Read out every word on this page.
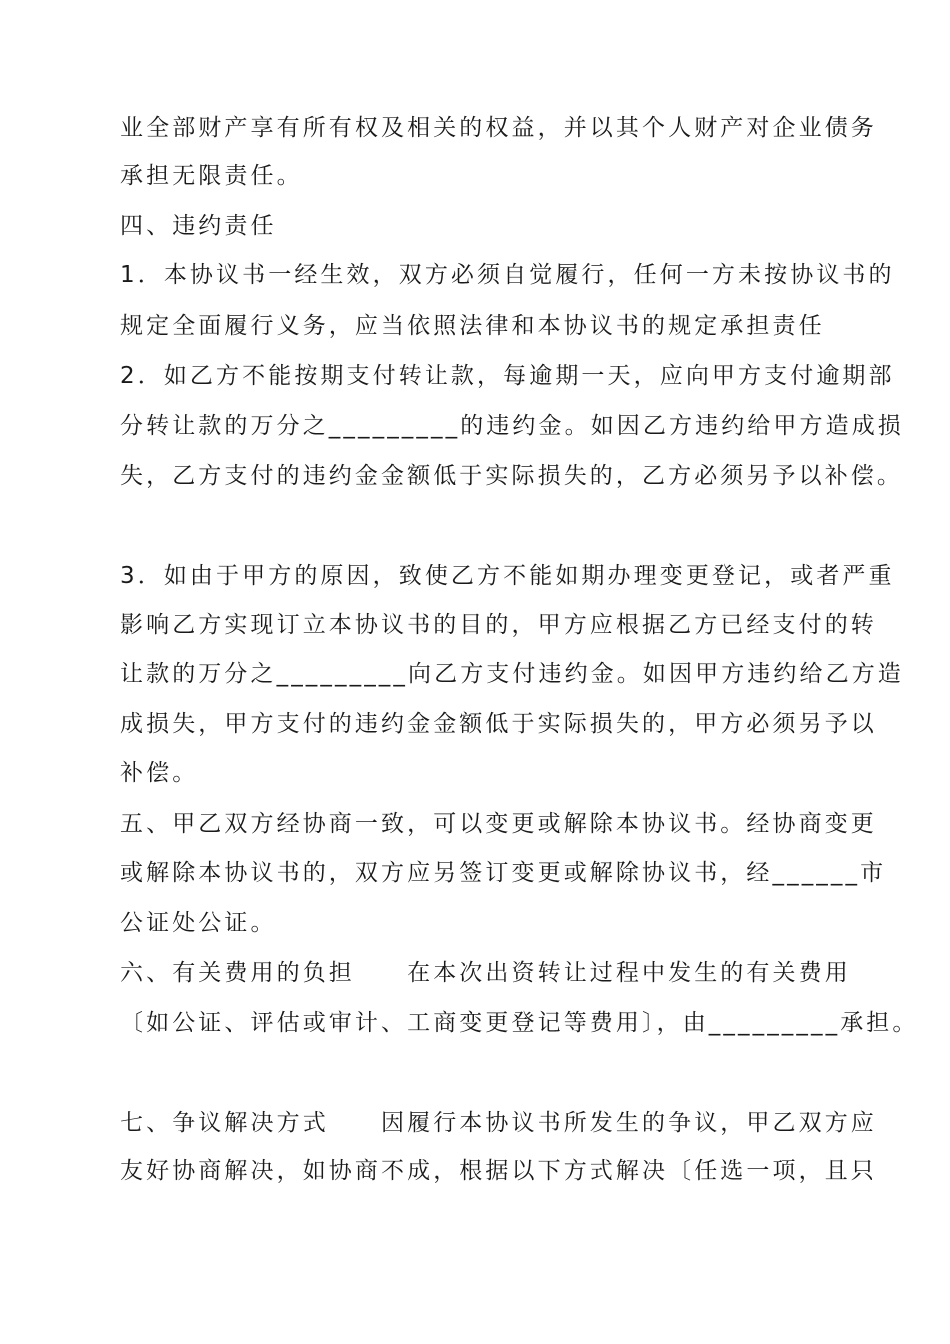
业全部财产享有所有权及相关的权益，并以其个人财产对企业债务
承担无限责任。
四、违约责任
1．本协议书一经生效，双方必须自觉履行，任何一方未按协议书的
规定全面履行义务，应当依照法律和本协议书的规定承担责任
2．如乙方不能按期支付转让款，每逾期一天，应向甲方支付逾期部
分转让款的万分之_________的违约金。如因乙方违约给甲方造成损
失，乙方支付的违约金金额低于实际损失的，乙方必须另予以补偿。
3．如由于甲方的原因，致使乙方不能如期办理变更登记，或者严重
影响乙方实现订立本协议书的目的，甲方应根据乙方已经支付的转
让款的万分之_________向乙方支付违约金。如因甲方违约给乙方造
成损失，甲方支付的违约金金额低于实际损失的，甲方必须另予以
补偿。
五、甲乙双方经协商一致，可以变更或解除本协议书。经协商变更
或解除本协议书的，双方应另签订变更或解除协议书，经______市
公证处公证。
六、有关费用的负担　　在本次出资转让过程中发生的有关费用
〔如公证、评估或审计、工商变更登记等费用〕，由_________承担。
七、争议解决方式　　因履行本协议书所发生的争议，甲乙双方应
友好协商解决，如协商不成，根据以下方式解决〔任选一项，且只
